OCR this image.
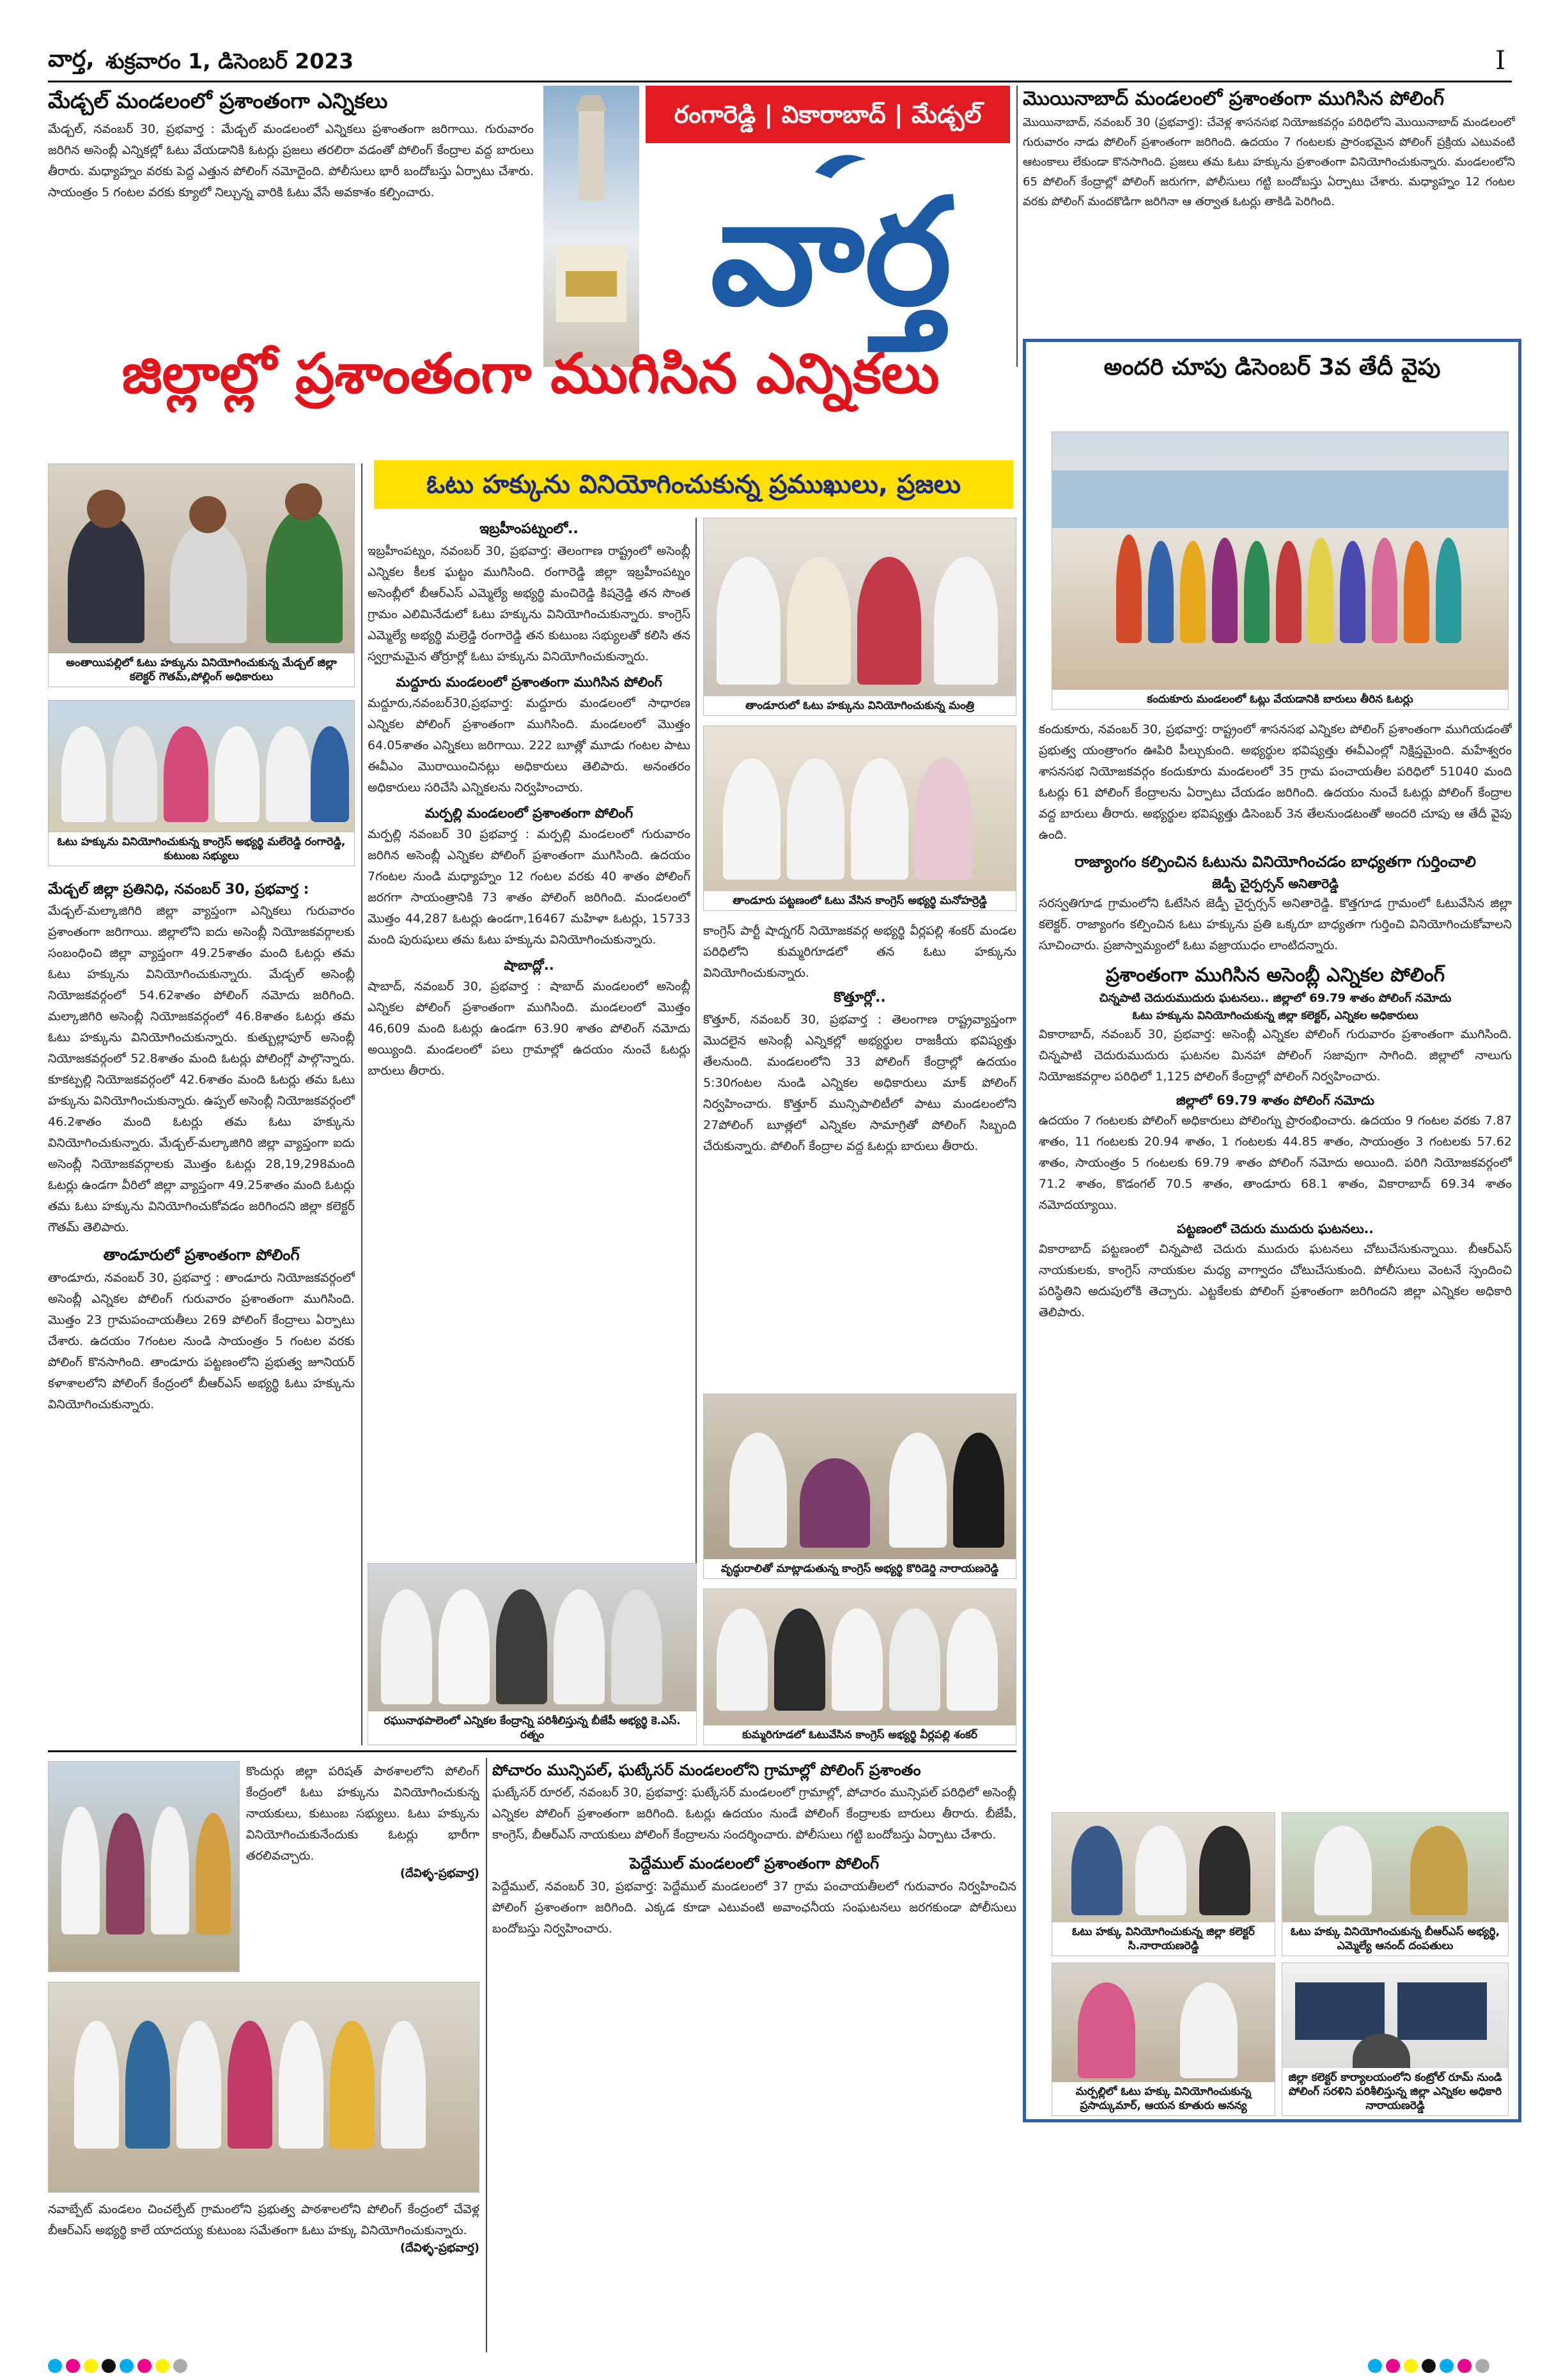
వార్త, శుక్రవారం 1, డిసెంబర్ 2023	I
మేడ్చల్ మండలంలో ప్రశాంతంగా ఎన్నికలు
మేడ్చల్, నవంబర్ 30, ప్రభవార్త : మేడ్చల్ మండలంలో ఎన్నికలు ప్రశాంతంగా జరిగాయి. గురువారం జరిగిన అసెంబ్లీ ఎన్నికల్లో ఓటు వేయడానికి ఓటర్లు ప్రజలు తరలిరా వడంతో పోలింగ్ కేంద్రాల వద్ద బారులు తీరారు. మధ్యాహ్నం వరకు పెద్ద ఎత్తున పోలింగ్ నమోదైంది. పోలీసులు భారీ బందోబస్తు ఏర్పాటు చేశారు. సాయంత్రం 5 గంటల వరకు క్యూలో నిల్చున్న వారికి ఓటు వేసే అవకాశం కల్పించారు.
రంగారెడ్డి | వికారాబాద్ | మేడ్చల్
వార్త
మొయినాబాద్ మండలంలో ప్రశాంతంగా ముగిసిన పోలింగ్
మొయినాబాద్, నవంబర్ 30 (ప్రభవార్త): చేవెళ్ల శాసనసభ నియోజకవర్గం పరిధిలోని మొయినాబాద్ మండలంలో గురువారం నాడు పోలింగ్ ప్రశాంతంగా జరిగింది. ఉదయం 7 గంటలకు ప్రారంభమైన పోలింగ్ ప్రక్రియ ఎటువంటి ఆటంకాలు లేకుండా కొనసాగింది. ప్రజలు తమ ఓటు హక్కును ప్రశాంతంగా వినియోగించుకున్నారు. మండలంలోని 65 పోలింగ్ కేంద్రాల్లో పోలింగ్ జరుగగా, పోలీసులు గట్టి బందోబస్తు ఏర్పాటు చేశారు. మధ్యాహ్నం 12 గంటల వరకు పోలింగ్ మందకొడిగా జరిగినా ఆ తర్వాత ఓటర్లు తాకిడి పెరిగింది.
జిల్లాల్లో ప్రశాంతంగా ముగిసిన ఎన్నికలు
ఓటు హక్కును వినియోగించుకున్న ప్రముఖులు, ప్రజలు
అంతాయిపల్లిలో ఓటు హక్కును వినియోగించుకున్న మేడ్చల్ జిల్లా కలెక్టర్ గౌతమ్,పోల్లింగ్ అధికారులు
ఓటు హక్కును వినియోగించుకున్న కాంగ్రెస్ అభ్యర్థి మలేరెడ్డి రంగారెడ్డి, కుటుంబ సభ్యులు
మేడ్చల్ జిల్లా ప్రతినిధి, నవంబర్ 30, ప్రభవార్త :
మేడ్చల్-మల్కాజిగిరి జిల్లా వ్యాప్తంగా ఎన్నికలు గురువారం ప్రశాంతంగా జరిగాయి. జిల్లాలోని ఐదు అసెంబ్లీ నియోజకవర్గాలకు సంబంధించి జిల్లా వ్యాప్తంగా 49.25శాతం మంది ఓటర్లు తమ ఓటు హక్కును వినియోగించుకున్నారు. మేడ్చల్ అసెంబ్లీ నియోజకవర్గంలో 54.62శాతం పోలింగ్ నమోదు జరిగింది. మల్కాజిగిరి అసెంబ్లీ నియోజకవర్గంలో 46.8శాతం ఓటర్లు తమ ఓటు హక్కును వినియోగించుకున్నారు. కుత్బుల్లాపూర్ అసెంబ్లీ నియోజకవర్గంలో 52.8శాతం మంది ఓటర్లు పోలింగ్లో పాల్గొన్నారు. కూకట్పల్లి నియోజకవర్గంలో 42.6శాతం మంది ఓటర్లు తమ ఓటు హక్కును వినియోగించుకున్నారు. ఉప్పల్ అసెంబ్లీ నియోజకవర్గంలో 46.2శాతం మంది ఓటర్లు తమ ఓటు హక్కును వినియోగించుకున్నారు. మేడ్చల్-మల్కాజిగిరి జిల్లా వ్యాప్తంగా ఐదు అసెంబ్లీ నియోజకవర్గాలకు మొత్తం ఓటర్లు 28,19,298మంది ఓటర్లు ఉండగా వీరిలో జిల్లా వ్యాప్తంగా 49.25శాతం మంది ఓటర్లు తమ ఓటు హక్కును వినియోగించుకోవడం జరిగిందని జిల్లా కలెక్టర్ గౌతమ్ తెలిపారు.
తాండూరులో ప్రశాంతంగా పోలింగ్
తాండూరు, నవంబర్ 30, ప్రభవార్త : తాండూరు నియోజకవర్గంలో అసెంబ్లీ ఎన్నికల పోలింగ్ గురువారం ప్రశాంతంగా ముగిసింది. మొత్తం 23 గ్రామపంచాయతీలు 269 పోలింగ్ కేంద్రాలు ఏర్పాటు చేశారు. ఉదయం 7గంటల నుండి సాయంత్రం 5 గంటల వరకు పోలింగ్ కొనసాగింది. తాండూరు పట్టణంలోని ప్రభుత్వ జూనియర్ కళాశాలలోని పోలింగ్ కేంద్రంలో బీఆర్ఎస్ అభ్యర్థి ఓటు హక్కును వినియోగించుకున్నారు.
ఇబ్రహీంపట్నంలో..
ఇబ్రహీంపట్నం, నవంబర్ 30, ప్రభవార్త: తెలంగాణ రాష్ట్రంలో అసెంబ్లీ ఎన్నికల కీలక ఘట్టం ముగిసింది. రంగారెడ్డి జిల్లా ఇబ్రహీంపట్నం అసెంబ్లీలో బీఆర్ఎస్ ఎమ్మెల్యే అభ్యర్థి మంచిరెడ్డి కిషన్రెడ్డి తన సొంత గ్రామం ఎలిమినేడులో ఓటు హక్కును వినియోగించుకున్నారు. కాంగ్రెస్ ఎమ్మెల్యే అభ్యర్థి మల్రెడ్డి రంగారెడ్డి తన కుటుంబ సభ్యులతో కలిసి తన స్వగ్రామమైన తోర్రూర్లో ఓటు హక్కును వినియోగించుకున్నారు.
మద్దూరు మండలంలో ప్రశాంతంగా ముగిసిన పోలింగ్
మద్దూరు,నవంబర్30,ప్రభవార్త: మద్దూరు మండలంలో సాధారణ ఎన్నికల పోలింగ్ ప్రశాంతంగా ముగిసింది. మండలంలో మొత్తం 64.05శాతం ఎన్నికలు జరిగాయి. 222 బూత్లో మూడు గంటల పాటు ఈవీఎం మొరాయించినట్లు అధికారులు తెలిపారు. అనంతరం అధికారులు సరిచేసి ఎన్నికలను నిర్వహించారు.
మర్పల్లి మండలంలో ప్రశాంతంగా పోలింగ్
మర్పల్లి నవంబర్ 30 ప్రభవార్త : మర్పల్లి మండలంలో గురువారం జరిగిన అసెంబ్లీ ఎన్నికల పోలింగ్ ప్రశాంతంగా ముగిసింది. ఉదయం 7గంటల నుండి మధ్యాహ్నం 12 గంటల వరకు 40 శాతం పోలింగ్ జరగగా సాయంత్రానికి 73 శాతం పోలింగ్ జరిగింది. మండలంలో మొత్తం 44,287 ఓటర్లు ఉండగా,16467 మహిళా ఓటర్లు, 15733 మంది పురుషులు తమ ఓటు హక్కును వినియోగించుకున్నారు.
షాబాద్లో..
షాబాద్, నవంబర్ 30, ప్రభవార్త : షాబాద్ మండలంలో అసెంబ్లీ ఎన్నికల పోలింగ్ ప్రశాంతంగా ముగిసింది. మండలంలో మొత్తం 46,609 మంది ఓటర్లు ఉండగా 63.90 శాతం పోలింగ్ నమోదు అయ్యింది. మండలంలో పలు గ్రామాల్లో ఉదయం నుంచే ఓటర్లు బారులు తీరారు.
తాండూరులో ఓటు హక్కును వినియోగించుకున్న మంత్రి
తాండూరు పట్టణంలో ఓటు వేసిన కాంగ్రెస్ అభ్యర్థి మనోహర్రెడ్డి
కాంగ్రెస్ పార్టీ షాద్నగర్ నియోజకవర్గ అభ్యర్థి వీర్లపల్లి శంకర్ మండల పరిధిలోని కుమ్మరిగూడలో తన ఓటు హక్కును వినియోగించుకున్నారు.
కొత్తూర్లో..
కొత్తూర్, నవంబర్ 30, ప్రభవార్త : తెలంగాణ రాష్ట్రవ్యాప్తంగా మొదలైన అసెంబ్లీ ఎన్నికల్లో అభ్యర్థుల రాజకీయ భవిష్యత్తు తేలనుంది. మండలంలోని 33 పోలింగ్ కేంద్రాల్లో ఉదయం 5:30గంటల నుండి ఎన్నికల అధికారులు మాక్ పోలింగ్ నిర్వహించారు. కొత్తూర్ మున్సిపాలిటీలో పాటు మండలంలోని 27పోలింగ్ బూత్లలో ఎన్నికల సామాగ్రితో పోలింగ్ సిబ్బంది చేరుకున్నారు. పోలింగ్ కేంద్రాల వద్ద ఓటర్లు బారులు తీరారు.
వృద్ధురాలితో మాట్లాడుతున్న కాంగ్రెస్ అభ్యర్థి కొరిడెర్డి నారాయణరెడ్డి
రఘునాథపాలెంలో ఎన్నికల కేంద్రాన్ని పరిశీలిస్తున్న బీజేపీ అభ్యర్థి కె.ఎస్. రత్నం	కుమ్మరిగూడలో ఓటువేసిన కాంగ్రెస్ అభ్యర్థి వీర్లపల్లి శంకర్
అందరి చూపు డిసెంబర్ 3వ తేదీ వైపు
కందుకూరు మండలంలో ఓట్లు వేయడానికి బారులు తీరిన ఓటర్లు
కందుకూరు, నవంబర్ 30, ప్రభవార్త: రాష్ట్రంలో శాసనసభ ఎన్నికల పోలింగ్ ప్రశాంతంగా ముగియడంతో ప్రభుత్వ యంత్రాంగం ఊపిరి పీల్చుకుంది. అభ్యర్థుల భవిష్యత్తు ఈవీఎంల్లో నిక్షిప్తమైంది. మహేశ్వరం శాసనసభ నియోజకవర్గం కందుకూరు మండలంలో 35 గ్రామ పంచాయతీల పరిధిలో 51040 మంది ఓటర్లు 61 పోలింగ్ కేంద్రాలను ఏర్పాటు చేయడం జరిగింది. ఉదయం నుంచే ఓటర్లు పోలింగ్ కేంద్రాల వద్ద బారులు తీరారు. అభ్యర్థుల భవిష్యత్తు డిసెంబర్ 3న తేలనుండటంతో అందరి చూపు ఆ తేదీ వైపు ఉంది.
రాజ్యాంగం కల్పించిన ఓటును వినియోగించడం బాధ్యతగా గుర్తించాలి
జెడ్పీ చైర్పర్సన్ అనితారెడ్డి
సరస్వతిగూడ గ్రామంలోని ఓటేసిన జెడ్పీ చైర్పర్సన్ అనితారెడ్డి. కొత్తగూడ గ్రామంలో ఓటువేసిన జిల్లా కలెక్టర్. రాజ్యాంగం కల్పించిన ఓటు హక్కును ప్రతి ఒక్కరూ బాధ్యతగా గుర్తించి వినియోగించుకోవాలని సూచించారు. ప్రజాస్వామ్యంలో ఓటు వజ్రాయుధం లాంటిదన్నారు.
ప్రశాంతంగా ముగిసిన అసెంబ్లీ ఎన్నికల పోలింగ్
చిన్నపాటి చెదురుముదురు ఘటనలు.. జిల్లాలో 69.79 శాతం పోలింగ్ నమోదు
ఓటు హక్కును వినియోగించుకున్న జిల్లా కలెక్టర్, ఎన్నికల అధికారులు
వికారాబాద్, నవంబర్ 30, ప్రభవార్త: అసెంబ్లీ ఎన్నికల పోలింగ్ గురువారం ప్రశాంతంగా ముగిసింది. చిన్నపాటి చెదురుముదురు ఘటనల మినహా పోలింగ్ సజావుగా సాగింది. జిల్లాలో నాలుగు నియోజకవర్గాల పరిధిలో 1,125 పోలింగ్ కేంద్రాల్లో పోలింగ్ నిర్వహించారు.
జిల్లాలో 69.79 శాతం పోలింగ్ నమోదు
ఉదయం 7 గంటలకు పోలింగ్ అధికారులు పోలింగ్ను ప్రారంభించారు. ఉదయం 9 గంటల వరకు 7.87 శాతం, 11 గంటలకు 20.94 శాతం, 1 గంటలకు 44.85 శాతం, సాయంత్రం 3 గంటలకు 57.62 శాతం, సాయంత్రం 5 గంటలకు 69.79 శాతం పోలింగ్ నమోదు అయింది. పరిగి నియోజకవర్గంలో 71.2 శాతం, కొడంగల్ 70.5 శాతం, తాండూరు 68.1 శాతం, వికారాబాద్ 69.34 శాతం నమోదయ్యాయి.
పట్టణంలో చెదురు ముదురు ఘటనలు..
వికారాబాద్ పట్టణంలో చిన్నపాటి చెదురు ముదురు ఘటనలు చోటుచేసుకున్నాయి. బీఆర్ఎస్ నాయకులకు, కాంగ్రెస్ నాయకుల మధ్య వాగ్వాదం చోటుచేసుకుంది. పోలీసులు వెంటనే స్పందించి పరిస్థితిని అదుపులోకి తెచ్చారు. ఎట్టకేలకు పోలింగ్ ప్రశాంతంగా జరిగిందని జిల్లా ఎన్నికల అధికారి తెలిపారు.
ఓటు హక్కు వినియోగించుకున్న జిల్లా కలెక్టర్ సి.నారాయణరెడ్డి
ఓటు హక్కు వినియోగించుకున్న బీఆర్ఎస్ అభ్యర్థి, ఎమ్మెల్యే ఆనంద్ దంపతులు
మర్పల్లిలో ఓటు హక్కు వినియోగించుకున్న ప్రసాద్కుమార్, ఆయన కూతురు అనన్య
జిల్లా కలెక్టర్ కార్యాలయంలోని కంట్రోల్ రూమ్ నుండి పోలింగ్ సరళిని పరిశీలిస్తున్న జిల్లా ఎన్నికల అధికారి నారాయణరెడ్డి
కొందుర్గు జిల్లా పరిషత్ పాఠశాలలోని పోలింగ్ కేంద్రంలో ఓటు హక్కును వినియోగించుకున్న నాయకులు, కుటుంబ సభ్యులు. ఓటు హక్కును వినియోగించుకునేందుకు ఓటర్లు భారీగా తరలివచ్చారు.
(దేవిళ్ళ-ప్రభవార్త)
నవాబ్పేట్ మండలం చించల్పేట్ గ్రామంలోని ప్రభుత్వ పాఠశాలలోని పోలింగ్ కేంద్రంలో చేవెళ్ల బీఆర్ఎస్ అభ్యర్థి కాలే యాదయ్య కుటుంబ సమేతంగా ఓటు హక్కు వినియోగించుకున్నారు.
(దేవిళ్ళ-ప్రభవార్త)
పోచారం మున్సిపల్, ఘట్కేసర్ మండలంలోని గ్రామాల్లో పోలింగ్ ప్రశాంతం
ఘట్కేసర్ రూరల్, నవంబర్ 30, ప్రభవార్త: ఘట్కేసర్ మండలంలో గ్రామాల్లో, పోచారం మున్సిపల్ పరిధిలో అసెంబ్లీ ఎన్నికల పోలింగ్ ప్రశాంతంగా జరిగింది. ఓటర్లు ఉదయం నుండే పోలింగ్ కేంద్రాలకు బారులు తీరారు. బీజేపీ, కాంగ్రెస్, బీఆర్ఎస్ నాయకులు పోలింగ్ కేంద్రాలను సందర్శించారు. పోలీసులు గట్టి బందోబస్తు ఏర్పాటు చేశారు.
పెద్దేముల్ మండలంలో ప్రశాంతంగా పోలింగ్
పెద్దేముల్, నవంబర్ 30, ప్రభవార్త: పెద్దేముల్ మండలంలో 37 గ్రామ పంచాయతీలలో గురువారం నిర్వహించిన పోలింగ్ ప్రశాంతంగా జరిగింది. ఎక్కడ కూడా ఎటువంటి అవాంఛనీయ సంఘటనలు జరగకుండా పోలీసులు బందోబస్తు నిర్వహించారు.
